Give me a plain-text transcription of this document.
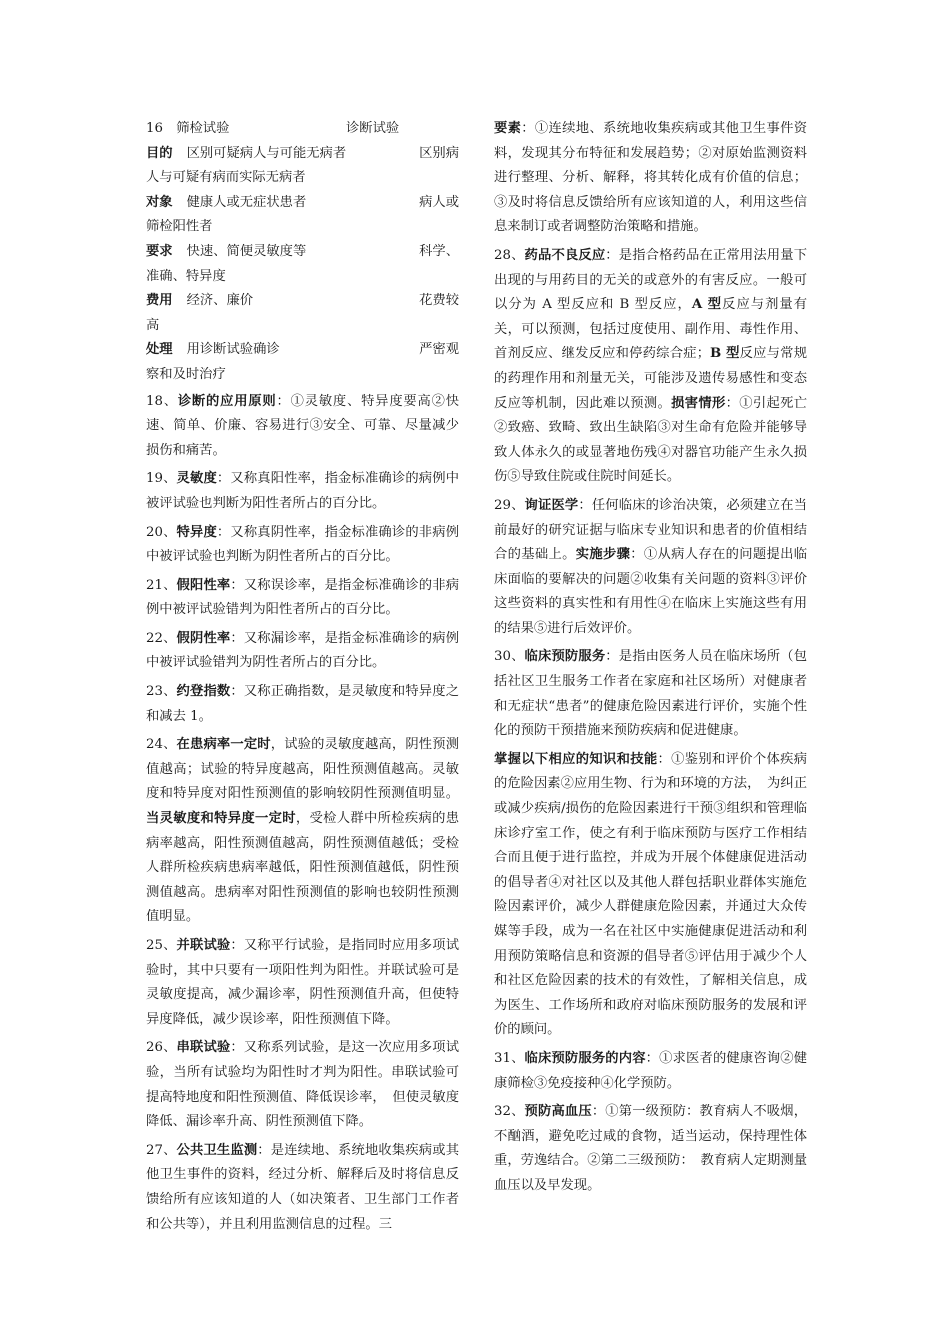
16　筛检试验	诊断试验
目的	区别可疑病人与可能无病者	区别病
人与可疑有病而实际无病者
对象	健康人或无症状患者	病人或
筛检阳性者
要求	快速、简便灵敏度等	科学、
准确、特异度
费用	经济、廉价	花费较
高
处理	用诊断试验确诊	严密观
察和及时治疗

18、诊断的应用原则：①灵敏度、特异度要高②快速、简单、价廉、容易进行③安全、可靠、尽量减少损伤和痛苦。

19、灵敏度：又称真阳性率，指金标准确诊的病例中被评试验也判断为阳性者所占的百分比。

20、特异度：又称真阴性率，指金标准确诊的非病例中被评试验也判断为阴性者所占的百分比。

21、假阳性率：又称误诊率，是指金标准确诊的非病例中被评试验错判为阳性者所占的百分比。

22、假阴性率：又称漏诊率，是指金标准确诊的病例中被评试验错判为阴性者所占的百分比。

23、约登指数：又称正确指数，是灵敏度和特异度之和减去 1。

24、在患病率一定时，试验的灵敏度越高，阴性预测值越高；试验的特异度越高，阳性预测值越高。灵敏度和特异度对阳性预测值的影响较阴性预测值明显。当灵敏度和特异度一定时，受检人群中所检疾病的患病率越高，阳性预测值越高，阴性预测值越低；受检人群所检疾病患病率越低，阳性预测值越低，阴性预测值越高。患病率对阳性预测值的影响也较阴性预测值明显。

25、并联试验：又称平行试验，是指同时应用多项试验时，其中只要有一项阳性判为阳性。并联试验可是灵敏度提高，减少漏诊率，阴性预测值升高，但使特异度降低，减少误诊率，阳性预测值下降。

26、串联试验：又称系列试验，是这一次应用多项试验，当所有试验均为阳性时才判为阳性。串联试验可提高特地度和阳性预测值、降低误诊率，　但使灵敏度降低、漏诊率升高、阴性预测值下降。

27、公共卫生监测：是连续地、系统地收集疾病或其他卫生事件的资料，经过分析、解释后及时将信息反馈给所有应该知道的人（如决策者、卫生部门工作者和公共等），并且利用监测信息的过程。三

要素：①连续地、系统地收集疾病或其他卫生事件资料，发现其分布特征和发展趋势；②对原始监测资料进行整理、分析、解释，将其转化成有价值的信息；③及时将信息反馈给所有应该知道的人，利用这些信息来制订或者调整防治策略和措施。

28、药品不良反应：是指合格药品在正常用法用量下出现的与用药目的无关的或意外的有害反应。一般可以分为 A 型反应和 B 型反应，A 型反应与剂量有关，可以预测，包括过度使用、副作用、毒性作用、首剂反应、继发反应和停药综合症；B 型反应与常规的药理作用和剂量无关，可能涉及遗传易感性和变态反应等机制，因此难以预测。损害情形：①引起死亡②致癌、致畸、致出生缺陷③对生命有危险并能够导致人体永久的或显著地伤残④对器官功能产生永久损伤⑤导致住院或住院时间延长。

29、询证医学：任何临床的诊治决策，必须建立在当前最好的研究证据与临床专业知识和患者的价值相结合的基础上。实施步骤：①从病人存在的问题提出临床面临的要解决的问题②收集有关问题的资料③评价这些资料的真实性和有用性④在临床上实施这些有用的结果⑤进行后效评价。

30、临床预防服务：是指由医务人员在临床场所（包括社区卫生服务工作者在家庭和社区场所）对健康者和无症状“患者”的健康危险因素进行评价，实施个性化的预防干预措施来预防疾病和促进健康。

掌握以下相应的知识和技能：①鉴别和评价个体疾病的危险因素②应用生物、行为和环境的方法，　为纠正或减少疾病/损伤的危险因素进行干预③组织和管理临床诊疗室工作，使之有利于临床预防与医疗工作相结合而且便于进行监控，并成为开展个体健康促进活动的倡导者④对社区以及其他人群包括职业群体实施危险因素评价，减少人群健康危险因素，并通过大众传媒等手段，成为一名在社区中实施健康促进活动和利用预防策略信息和资源的倡导者⑤评估用于减少个人和社区危险因素的技术的有效性，了解相关信息，成为医生、工作场所和政府对临床预防服务的发展和评价的顾问。

31、临床预防服务的内容：①求医者的健康咨询②健康筛检③免疫接种④化学预防。

32、预防高血压：①第一级预防：教育病人不吸烟，不酗酒，避免吃过咸的食物，适当运动，保持理性体重，劳逸结合。②第二三级预防：　教育病人定期测量血压以及早发现。
